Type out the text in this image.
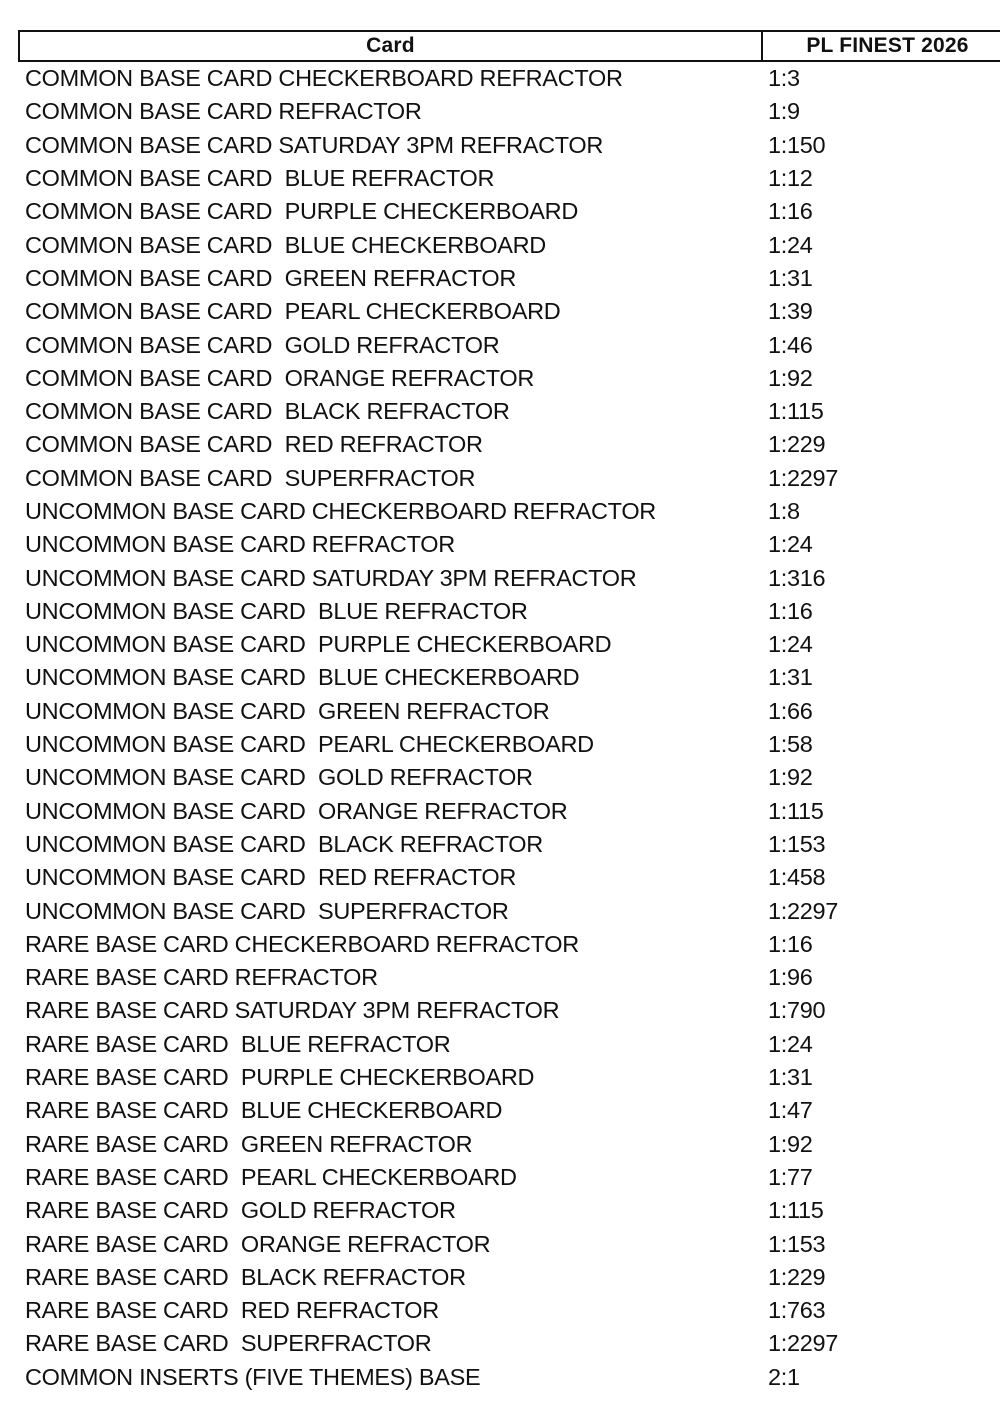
Card	PL FINEST 2026
COMMON BASE CARD CHECKERBOARD REFRACTOR	1:3
COMMON BASE CARD REFRACTOR	1:9
COMMON BASE CARD SATURDAY 3PM REFRACTOR	1:150
COMMON BASE CARD  BLUE REFRACTOR	1:12
COMMON BASE CARD  PURPLE CHECKERBOARD	1:16
COMMON BASE CARD  BLUE CHECKERBOARD	1:24
COMMON BASE CARD  GREEN REFRACTOR	1:31
COMMON BASE CARD  PEARL CHECKERBOARD	1:39
COMMON BASE CARD  GOLD REFRACTOR	1:46
COMMON BASE CARD  ORANGE REFRACTOR	1:92
COMMON BASE CARD  BLACK REFRACTOR	1:115
COMMON BASE CARD  RED REFRACTOR	1:229
COMMON BASE CARD  SUPERFRACTOR	1:2297
UNCOMMON BASE CARD CHECKERBOARD REFRACTOR	1:8
UNCOMMON BASE CARD REFRACTOR	1:24
UNCOMMON BASE CARD SATURDAY 3PM REFRACTOR	1:316
UNCOMMON BASE CARD  BLUE REFRACTOR	1:16
UNCOMMON BASE CARD  PURPLE CHECKERBOARD	1:24
UNCOMMON BASE CARD  BLUE CHECKERBOARD	1:31
UNCOMMON BASE CARD  GREEN REFRACTOR	1:66
UNCOMMON BASE CARD  PEARL CHECKERBOARD	1:58
UNCOMMON BASE CARD  GOLD REFRACTOR	1:92
UNCOMMON BASE CARD  ORANGE REFRACTOR	1:115
UNCOMMON BASE CARD  BLACK REFRACTOR	1:153
UNCOMMON BASE CARD  RED REFRACTOR	1:458
UNCOMMON BASE CARD  SUPERFRACTOR	1:2297
RARE BASE CARD CHECKERBOARD REFRACTOR	1:16
RARE BASE CARD REFRACTOR	1:96
RARE BASE CARD SATURDAY 3PM REFRACTOR	1:790
RARE BASE CARD  BLUE REFRACTOR	1:24
RARE BASE CARD  PURPLE CHECKERBOARD	1:31
RARE BASE CARD  BLUE CHECKERBOARD	1:47
RARE BASE CARD  GREEN REFRACTOR	1:92
RARE BASE CARD  PEARL CHECKERBOARD	1:77
RARE BASE CARD  GOLD REFRACTOR	1:115
RARE BASE CARD  ORANGE REFRACTOR	1:153
RARE BASE CARD  BLACK REFRACTOR	1:229
RARE BASE CARD  RED REFRACTOR	1:763
RARE BASE CARD  SUPERFRACTOR	1:2297
COMMON INSERTS (FIVE THEMES) BASE	2:1
